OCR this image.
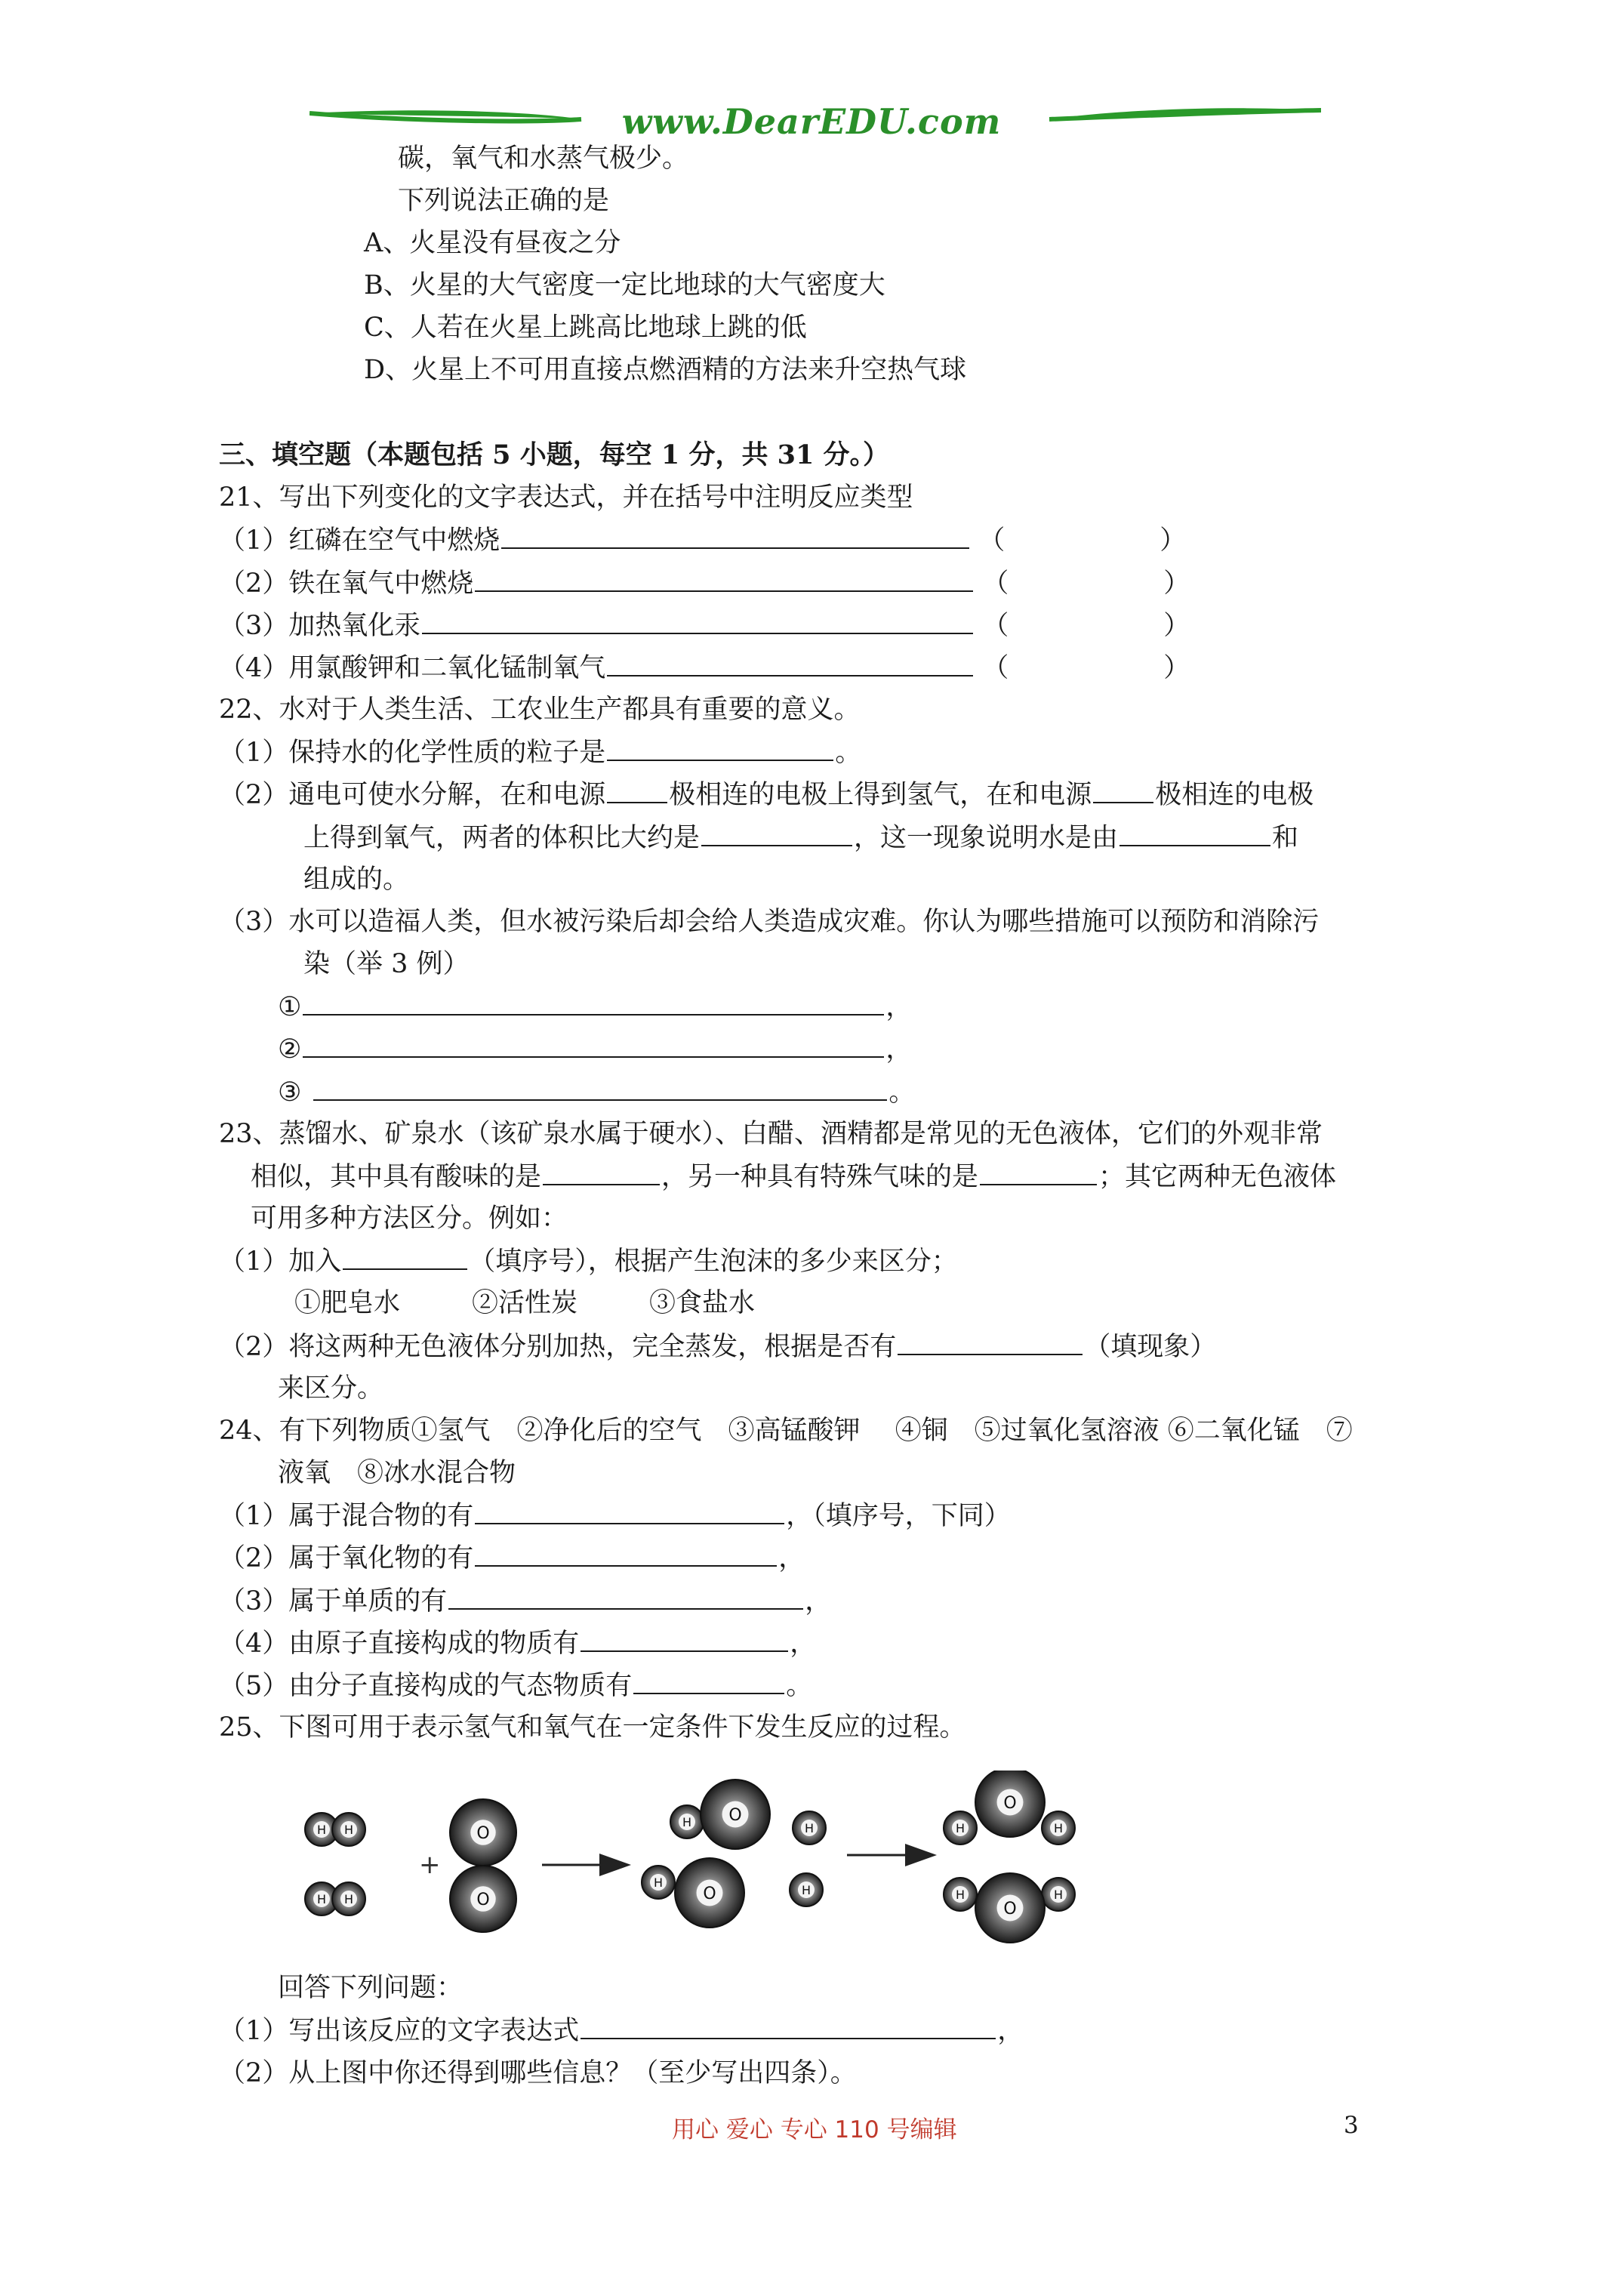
www.DearEDU.com
碳，氧气和水蒸气极少。
下列说法正确的是
A、火星没有昼夜之分
B、火星的大气密度一定比地球的大气密度大
C、人若在火星上跳高比地球上跳的低
D、火星上不可用直接点燃酒精的方法来升空热气球
三、填空题（本题包括 5 小题，每空 1 分，共 31 分。）
21、写出下列变化的文字表达式，并在括号中注明反应类型
（1）红磷在空气中燃烧	（	）
（2）铁在氧气中燃烧	（	）
（3）加热氧化汞	（	）
（4）用氯酸钾和二氧化锰制氧气	（	）
22、水对于人类生活、工农业生产都具有重要的意义。
（1）保持水的化学性质的粒子是	。
（2）通电可使水分解，在和电源 极相连的电极上得到氢气，在和电源 极相连的电极
上得到氧气，两者的体积比大约是	，这一现象说明水是由	和
组成的。
（3）水可以造福人类，但水被污染后却会给人类造成灾难。你认为哪些措施可以预防和消除污
染（举 3 例）
①	，
②	，
③	。
23、蒸馏水、矿泉水（该矿泉水属于硬水）、白醋、酒精都是常见的无色液体，它们的外观非常
相似，其中具有酸味的是	，另一种具有特殊气味的是	；其它两种无色液体
可用多种方法区分。例如：
（1）加入	（填序号），根据产生泡沫的多少来区分；
①肥皂水	②活性炭	③食盐水
（2）将这两种无色液体分别加热，完全蒸发，根据是否有	（填现象）
来区分。
24、有下列物质①氢气　②净化后的空气　③高锰酸钾　 ④铜　⑤过氧化氢溶液 ⑥二氧化锰　⑦
液氧　⑧冰水混合物
（1）属于混合物的有	，（填序号，下同）
（2）属于氧化物的有	，
（3）属于单质的有	，
（4）由原子直接构成的物质有	，
（5）由分子直接构成的气态物质有	。
25、下图可用于表示氢气和氧气在一定条件下发生反应的过程。
H H
H H
O
O
H O
H
H
O	H
H	H
O
H	H
O
+
回答下列问题：
（1）写出该反应的文字表达式	，
（2）从上图中你还得到哪些信息？（至少写出四条）。
用心 爱心 专心 110 号编辑	3
